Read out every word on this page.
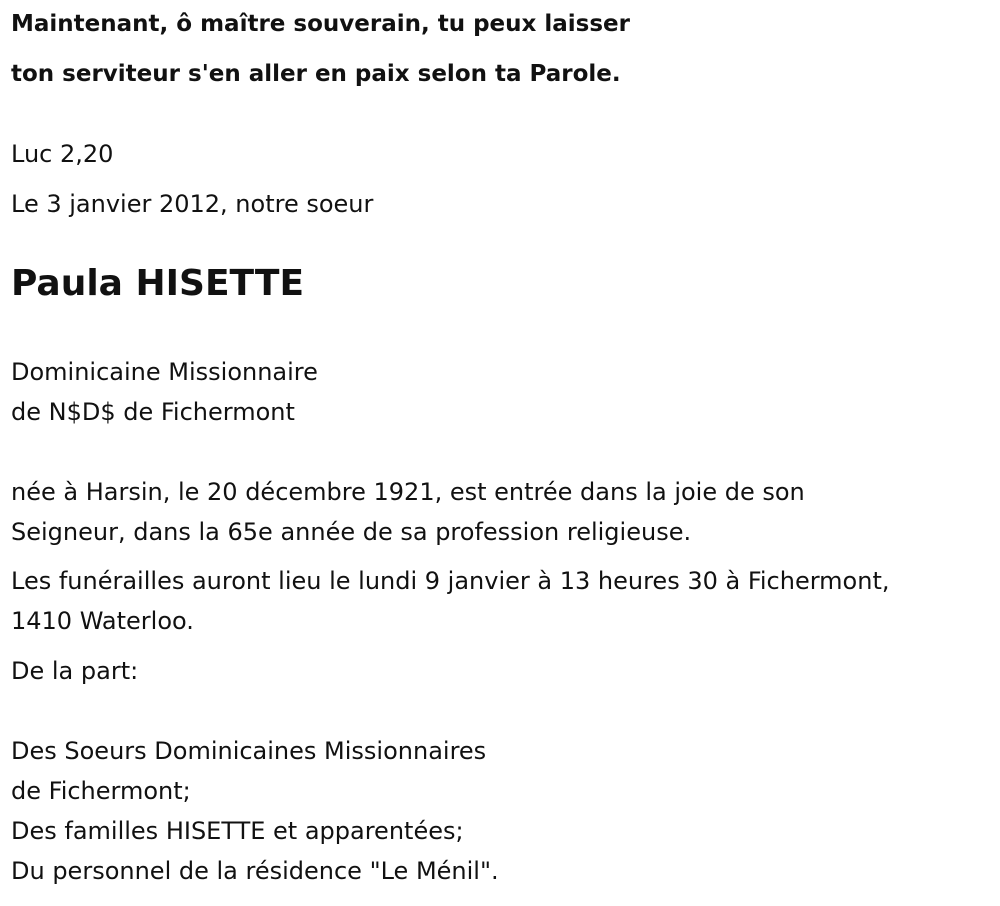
Maintenant, ô maître souverain, tu peux laisser
ton serviteur s'en aller en paix selon ta Parole.
Luc 2,20
Le 3 janvier 2012, notre soeur
Paula HISETTE
Dominicaine Missionnaire
de N$D$ de Fichermont
née à Harsin, le 20 décembre 1921, est entrée dans la joie de son
Seigneur, dans la 65e année de sa profession religieuse.
Les funérailles auront lieu le lundi 9 janvier à 13 heures 30 à Fichermont,
1410 Waterloo.
De la part:
Des Soeurs Dominicaines Missionnaires
de Fichermont;
Des familles HISETTE et apparentées;
Du personnel de la résidence "Le Ménil".
